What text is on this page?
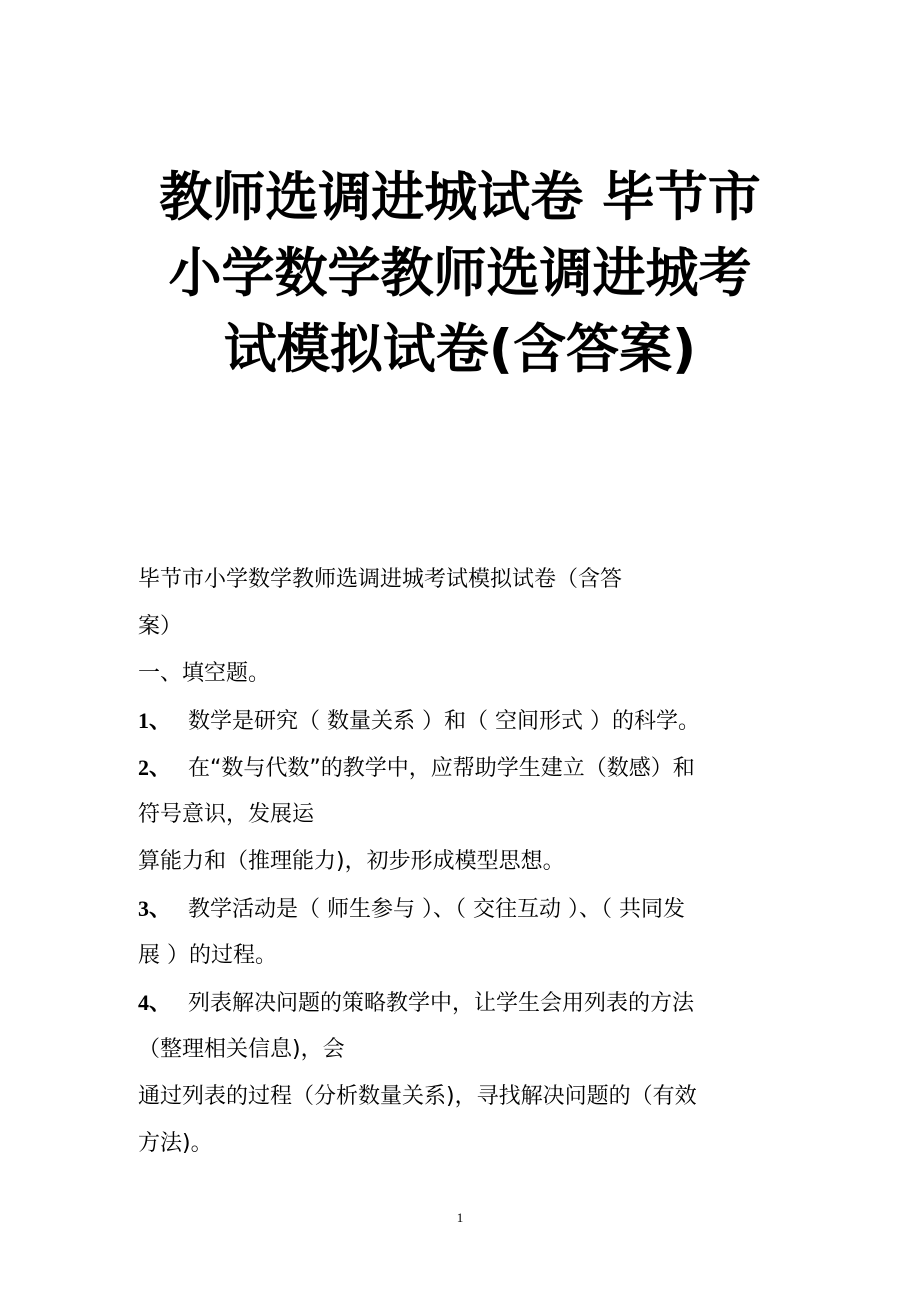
教师选调进城试卷 毕节市
小学数学教师选调进城考
试模拟试卷(含答案)
毕节市小学数学教师选调进城考试模拟试卷（含答
案）
一、填空题。
1、 数学是研究（ 数量关系 ）和（ 空间形式 ）的科学。
2、 在“数与代数”的教学中，应帮助学生建立（数感）和
符号意识，发展运
算能力和（推理能力)，初步形成模型思想。
3、 教学活动是（ 师生参与 ）、（ 交往互动 ）、（ 共同发
展 ）的过程。
4、 列表解决问题的策略教学中，让学生会用列表的方法
（整理相关信息)，会
通过列表的过程（分析数量关系)，寻找解决问题的（有效
方法)。
1
